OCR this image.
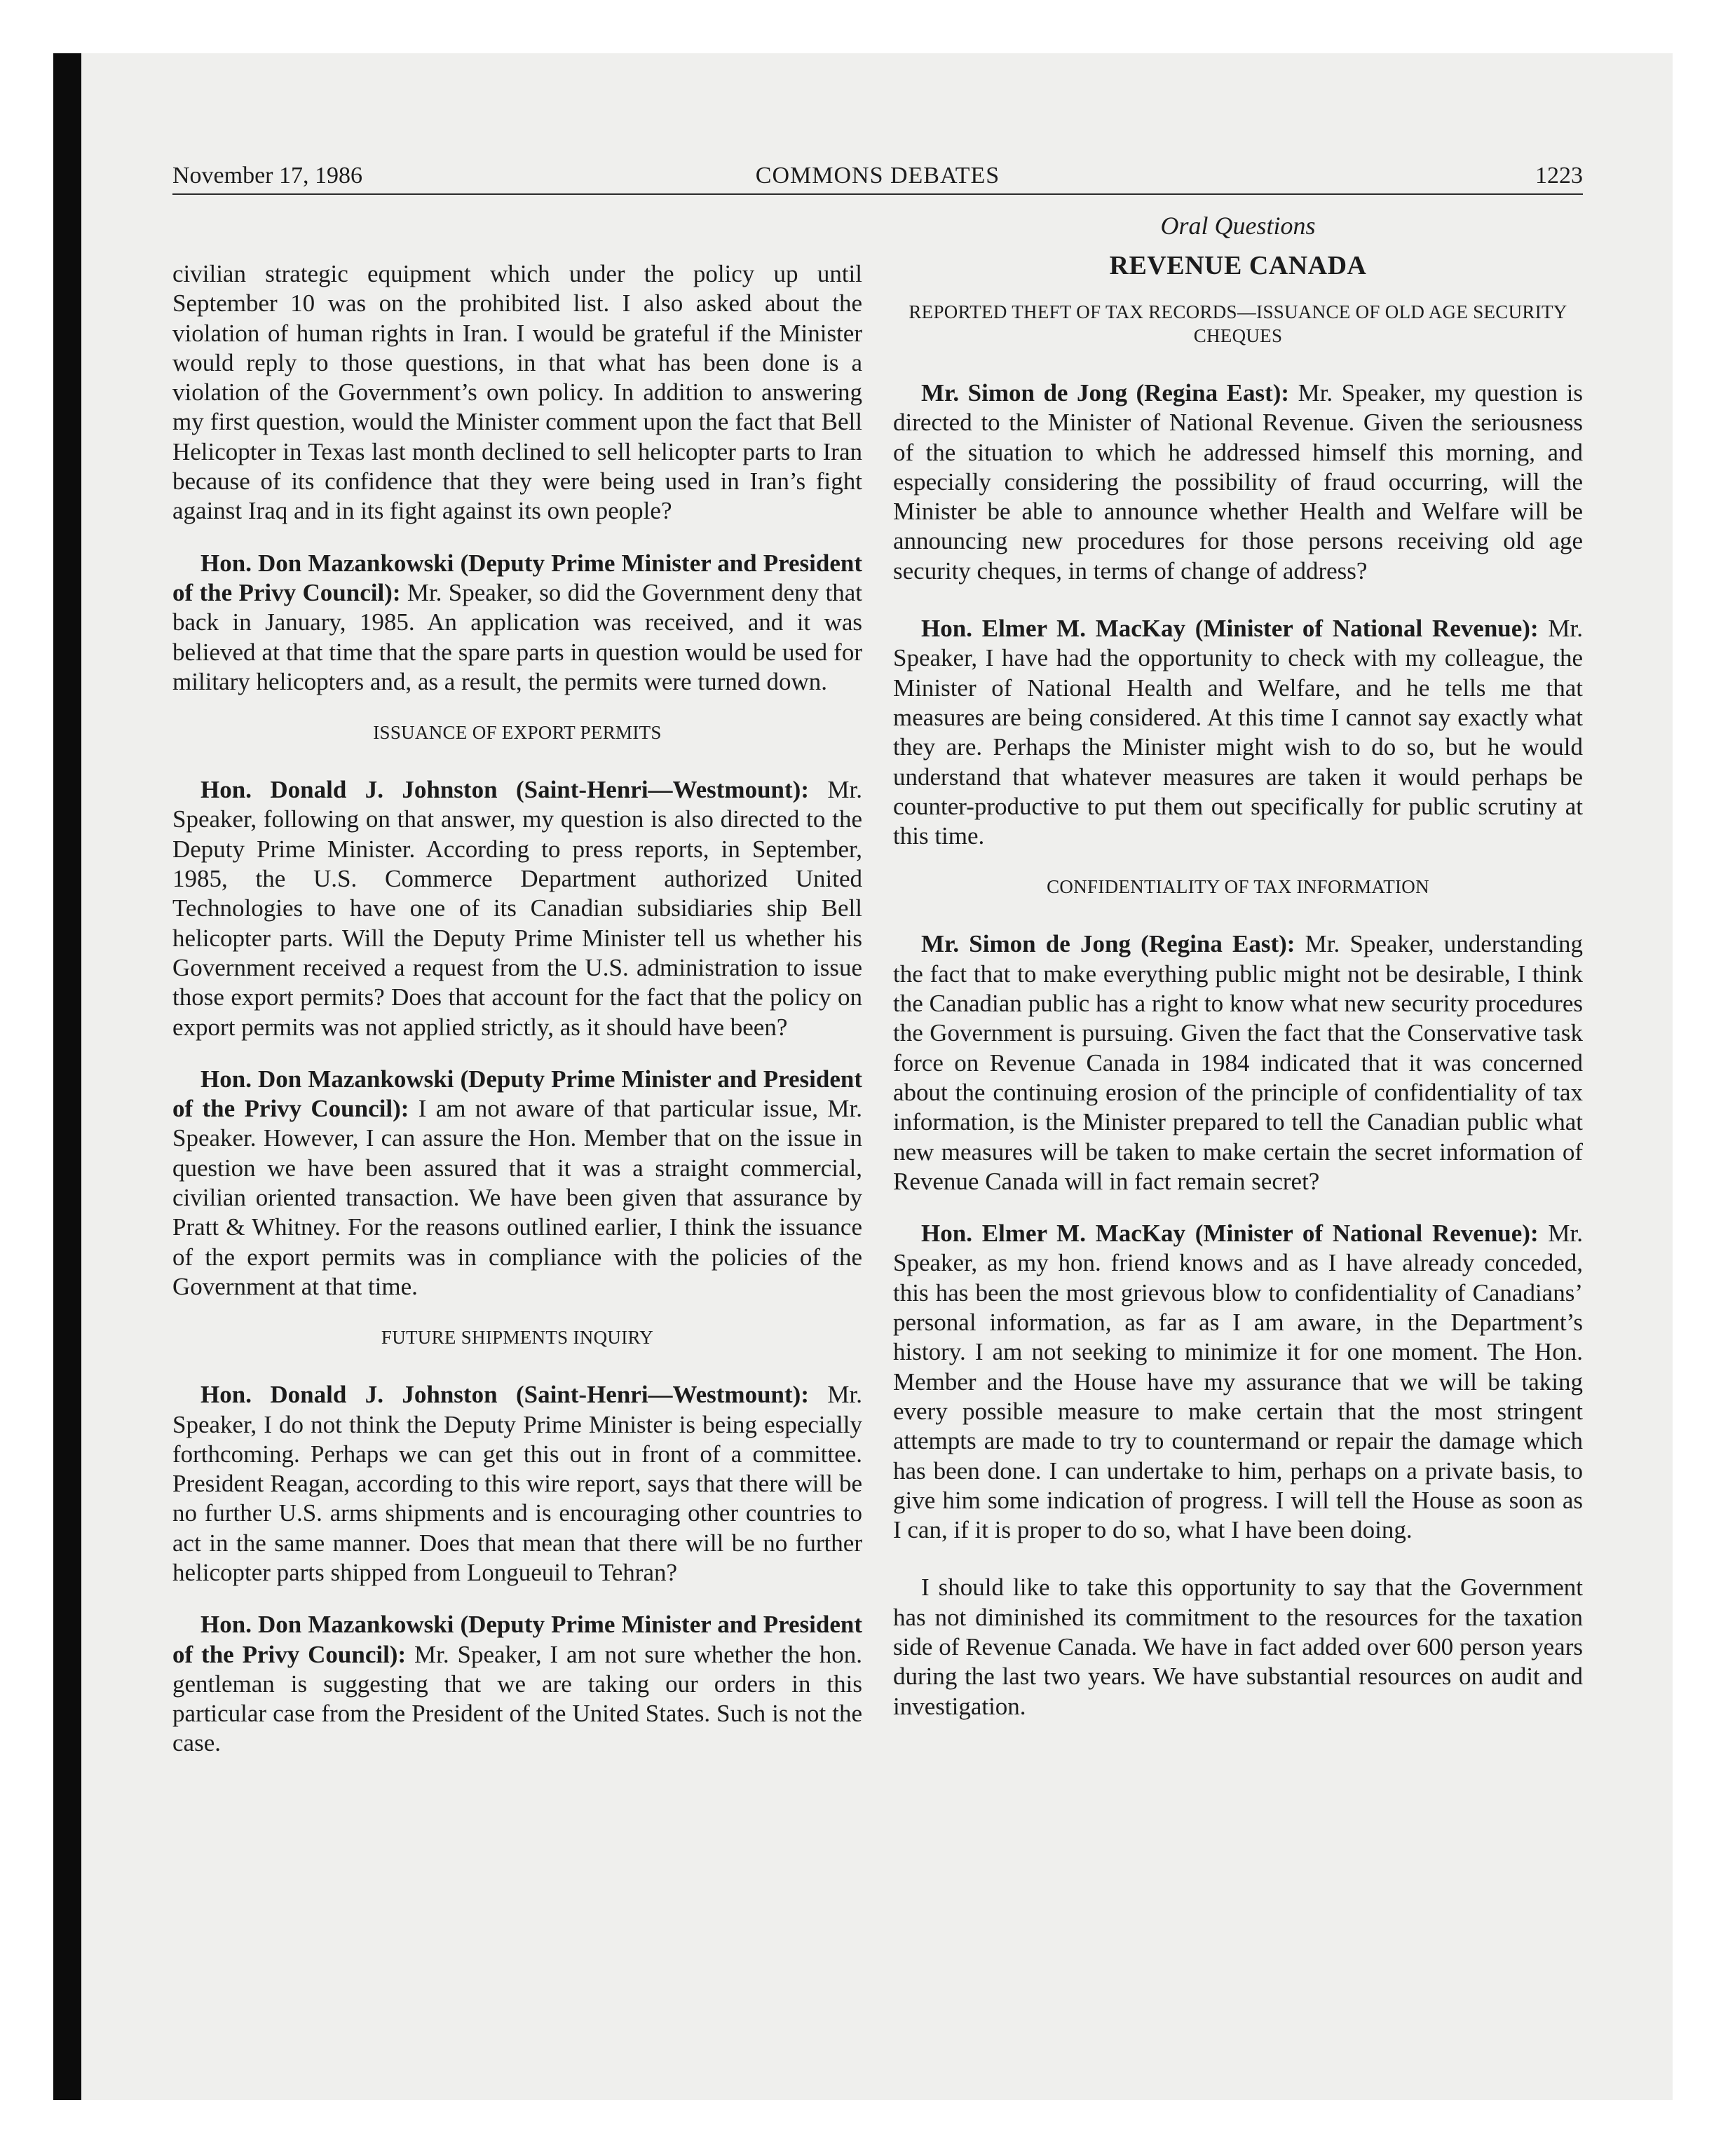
November 17, 1986	COMMONS DEBATES	1223

civilian strategic equipment which under the policy up until September 10 was on the prohibited list. I also asked about the violation of human rights in Iran. I would be grateful if the Minister would reply to those questions, in that what has been done is a violation of the Government’s own policy. In addition to answering my first question, would the Minister comment upon the fact that Bell Helicopter in Texas last month declined to sell helicopter parts to Iran because of its confidence that they were being used in Iran’s fight against Iraq and in its fight against its own people?

Hon. Don Mazankowski (Deputy Prime Minister and President of the Privy Council): Mr. Speaker, so did the Government deny that back in January, 1985. An application was received, and it was believed at that time that the spare parts in question would be used for military helicopters and, as a result, the permits were turned down.

ISSUANCE OF EXPORT PERMITS

Hon. Donald J. Johnston (Saint-Henri—Westmount): Mr. Speaker, following on that answer, my question is also directed to the Deputy Prime Minister. According to press reports, in September, 1985, the U.S. Commerce Department authorized United Technologies to have one of its Canadian subsidiaries ship Bell helicopter parts. Will the Deputy Prime Minister tell us whether his Government received a request from the U.S. administration to issue those export permits? Does that account for the fact that the policy on export permits was not applied strictly, as it should have been?

Hon. Don Mazankowski (Deputy Prime Minister and President of the Privy Council): I am not aware of that particular issue, Mr. Speaker. However, I can assure the Hon. Member that on the issue in question we have been assured that it was a straight commercial, civilian oriented transaction. We have been given that assurance by Pratt & Whitney. For the reasons outlined earlier, I think the issuance of the export permits was in compliance with the policies of the Government at that time.

FUTURE SHIPMENTS INQUIRY

Hon. Donald J. Johnston (Saint-Henri—Westmount): Mr. Speaker, I do not think the Deputy Prime Minister is being especially forthcoming. Perhaps we can get this out in front of a committee. President Reagan, according to this wire report, says that there will be no further U.S. arms shipments and is encouraging other countries to act in the same manner. Does that mean that there will be no further helicopter parts shipped from Longueuil to Tehran?

Hon. Don Mazankowski (Deputy Prime Minister and President of the Privy Council): Mr. Speaker, I am not sure whether the hon. gentleman is suggesting that we are taking our orders in this particular case from the President of the United States. Such is not the case.

Oral Questions
REVENUE CANADA
REPORTED THEFT OF TAX RECORDS—ISSUANCE OF OLD AGE SECURITY CHEQUES

Mr. Simon de Jong (Regina East): Mr. Speaker, my question is directed to the Minister of National Revenue. Given the seriousness of the situation to which he addressed himself this morning, and especially considering the possibility of fraud occurring, will the Minister be able to announce whether Health and Welfare will be announcing new procedures for those persons receiving old age security cheques, in terms of change of address?

Hon. Elmer M. MacKay (Minister of National Revenue): Mr. Speaker, I have had the opportunity to check with my colleague, the Minister of National Health and Welfare, and he tells me that measures are being considered. At this time I cannot say exactly what they are. Perhaps the Minister might wish to do so, but he would understand that whatever measures are taken it would perhaps be counter-productive to put them out specifically for public scrutiny at this time.

CONFIDENTIALITY OF TAX INFORMATION

Mr. Simon de Jong (Regina East): Mr. Speaker, understanding the fact that to make everything public might not be desirable, I think the Canadian public has a right to know what new security procedures the Government is pursuing. Given the fact that the Conservative task force on Revenue Canada in 1984 indicated that it was concerned about the continuing erosion of the principle of confidentiality of tax information, is the Minister prepared to tell the Canadian public what new measures will be taken to make certain the secret information of Revenue Canada will in fact remain secret?

Hon. Elmer M. MacKay (Minister of National Revenue): Mr. Speaker, as my hon. friend knows and as I have already conceded, this has been the most grievous blow to confidentiality of Canadians’ personal information, as far as I am aware, in the Department’s history. I am not seeking to minimize it for one moment. The Hon. Member and the House have my assurance that we will be taking every possible measure to make certain that the most stringent attempts are made to try to countermand or repair the damage which has been done. I can undertake to him, perhaps on a private basis, to give him some indication of progress. I will tell the House as soon as I can, if it is proper to do so, what I have been doing.

I should like to take this opportunity to say that the Government has not diminished its commitment to the resources for the taxation side of Revenue Canada. We have in fact added over 600 person years during the last two years. We have substantial resources on audit and investigation.
